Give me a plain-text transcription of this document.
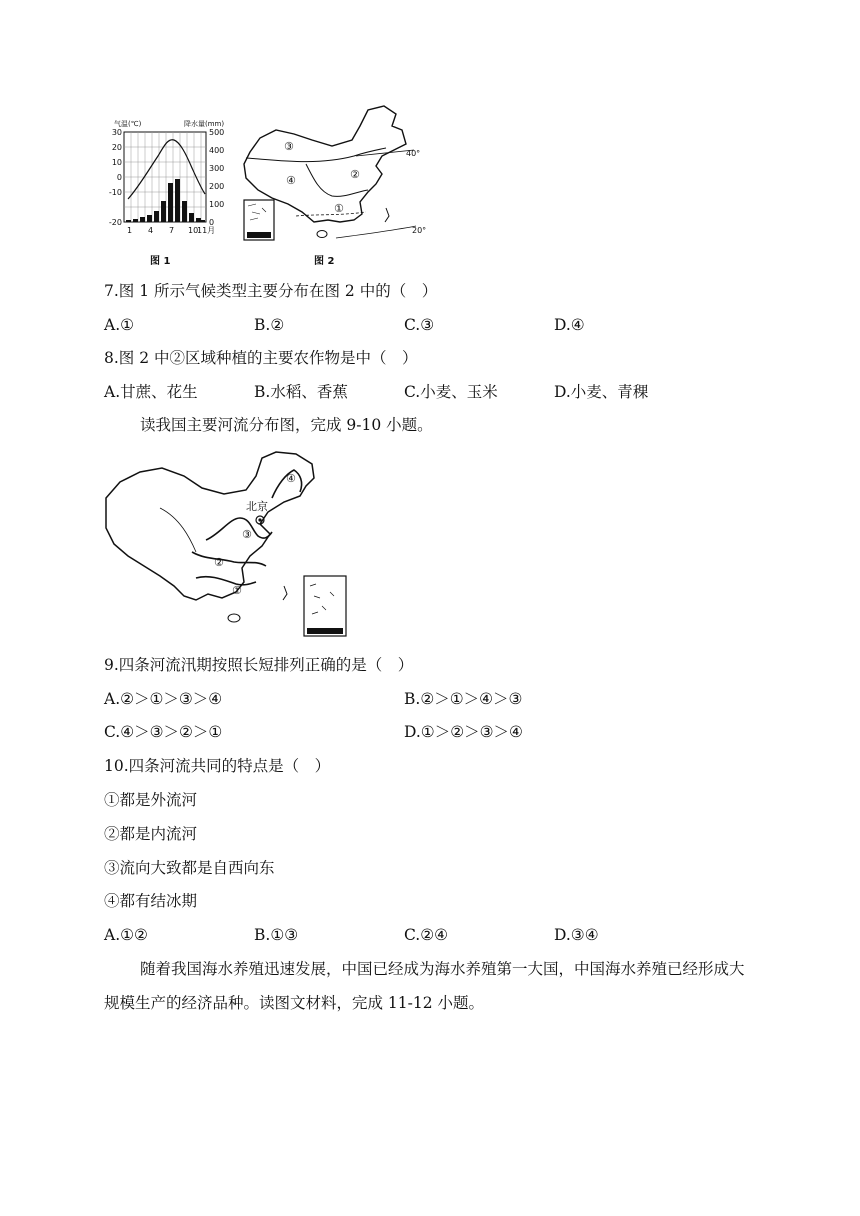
气温(℃)	降水量(mm)
30
20
10
0
-10
-20
500
400
300
200
100
0
1 4 7 10
11月
图 1
③
④	②
①
40°
20°
图 2
7.图 1 所示气候类型主要分布在图 2 中的（　）
A.①	B.②	C.③	D.④
8.图 2 中②区域种植的主要农作物是中（　）
A.甘蔗、花生	B.水稻、香蕉	C.小麦、玉米	D.小麦、青稞
读我国主要河流分布图，完成 9-10 小题。
北京
④
③
②
①
9.四条河流汛期按照长短排列正确的是（　）
A.②＞①＞③＞④	B.②＞①＞④＞③
C.④＞③＞②＞①	D.①＞②＞③＞④
10.四条河流共同的特点是（　）
①都是外流河
②都是内流河
③流向大致都是自西向东
④都有结冰期
A.①②	B.①③	C.②④	D.③④
随着我国海水养殖迅速发展，中国已经成为海水养殖第一大国，中国海水养殖已经形成大规模生产的经济品种。读图文材料，完成 11-12 小题。
